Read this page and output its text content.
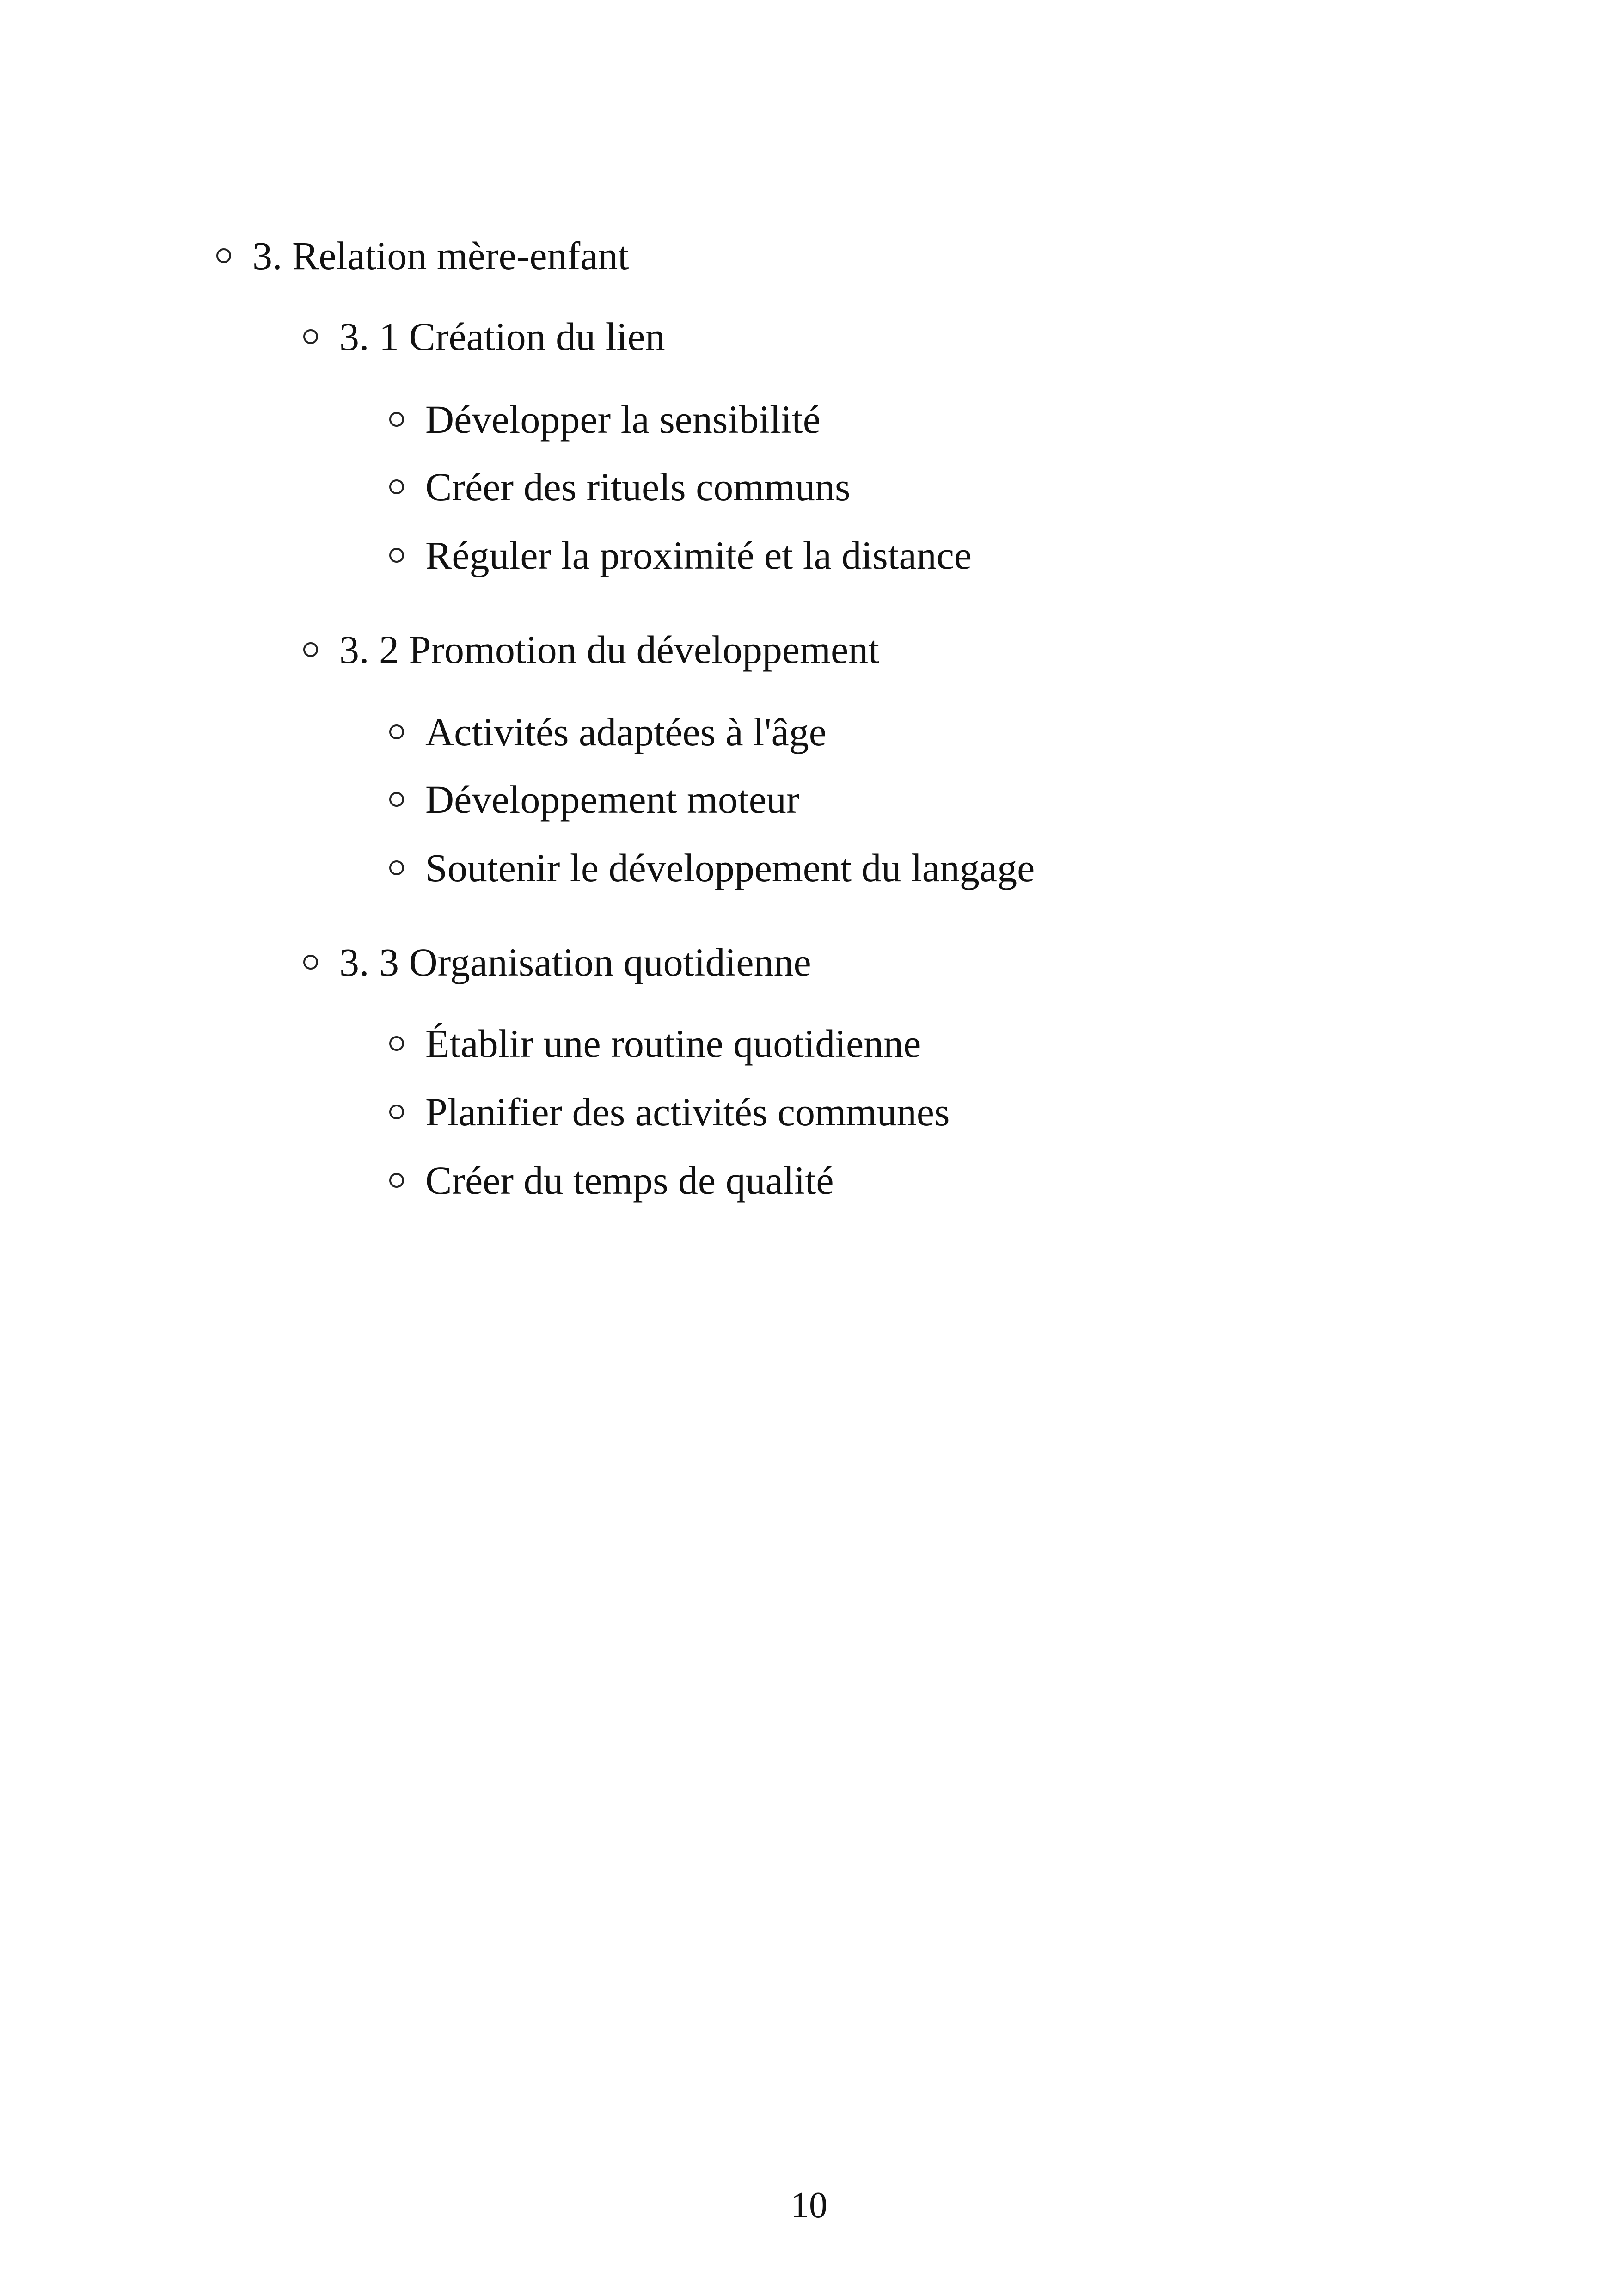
3. Relation mère-enfant
3. 1 Création du lien
Développer la sensibilité
Créer des rituels communs
Réguler la proximité et la distance
3. 2 Promotion du développement
Activités adaptées à l'âge
Développement moteur
Soutenir le développement du langage
3. 3 Organisation quotidienne
Établir une routine quotidienne
Planifier des activités communes
Créer du temps de qualité
10
